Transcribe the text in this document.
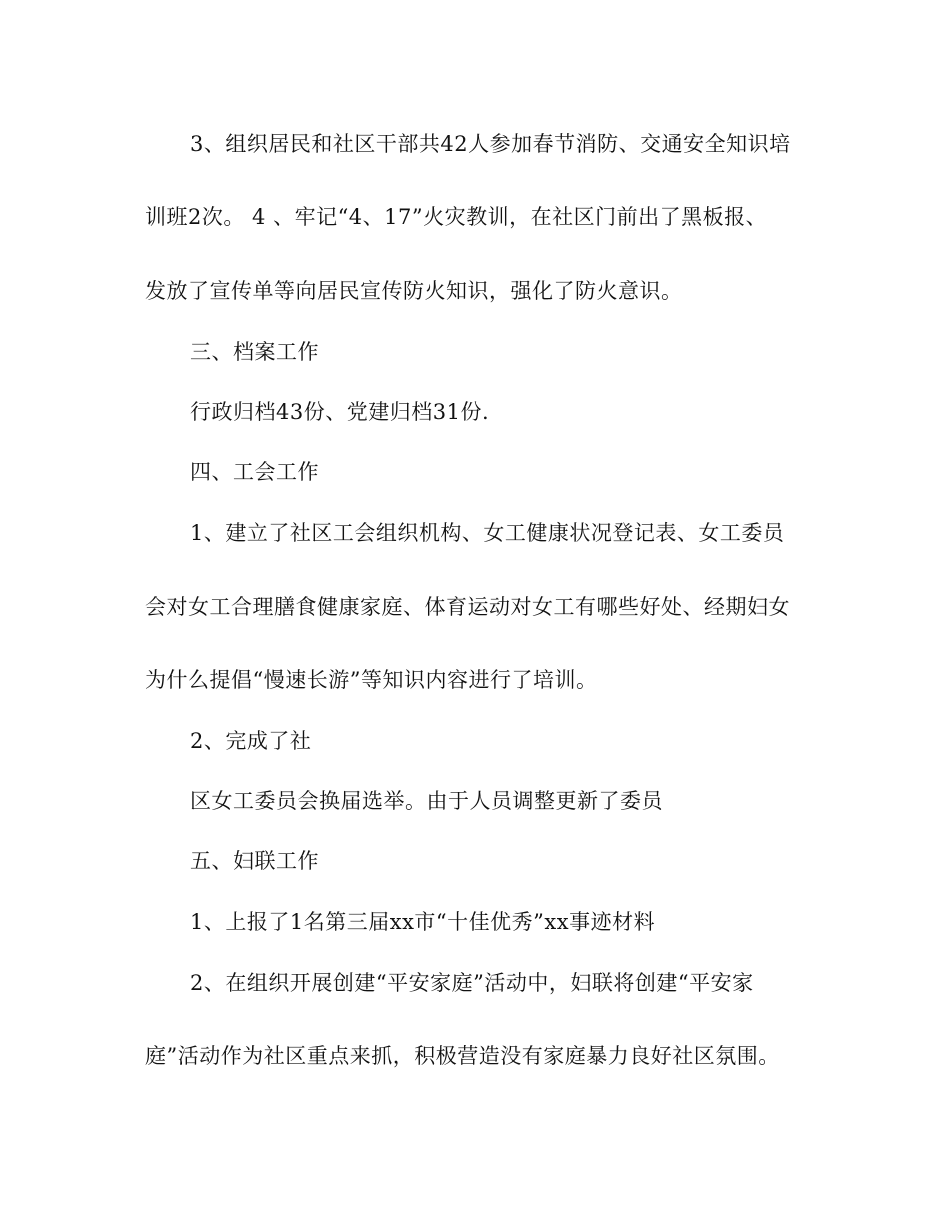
3、组织居民和社区干部共42人参加春节消防、交通安全知识培
训班2次。 4 、牢记“4、17”火灾教训，在社区门前出了黑板报、
发放了宣传单等向居民宣传防火知识，强化了防火意识。
三、档案工作
行政归档43份、党建归档31份.
四、工会工作
1、建立了社区工会组织机构、女工健康状况登记表、女工委员
会对女工合理膳食健康家庭、体育运动对女工有哪些好处、经期妇女
为什么提倡“慢速长游”等知识内容进行了培训。
2、完成了社
区女工委员会换届选举。由于人员调整更新了委员
五、妇联工作
1、上报了1名第三届xx市“十佳优秀”xx事迹材料
2、在组织开展创建“平安家庭”活动中，妇联将创建“平安家
庭”活动作为社区重点来抓，积极营造没有家庭暴力良好社区氛围。
